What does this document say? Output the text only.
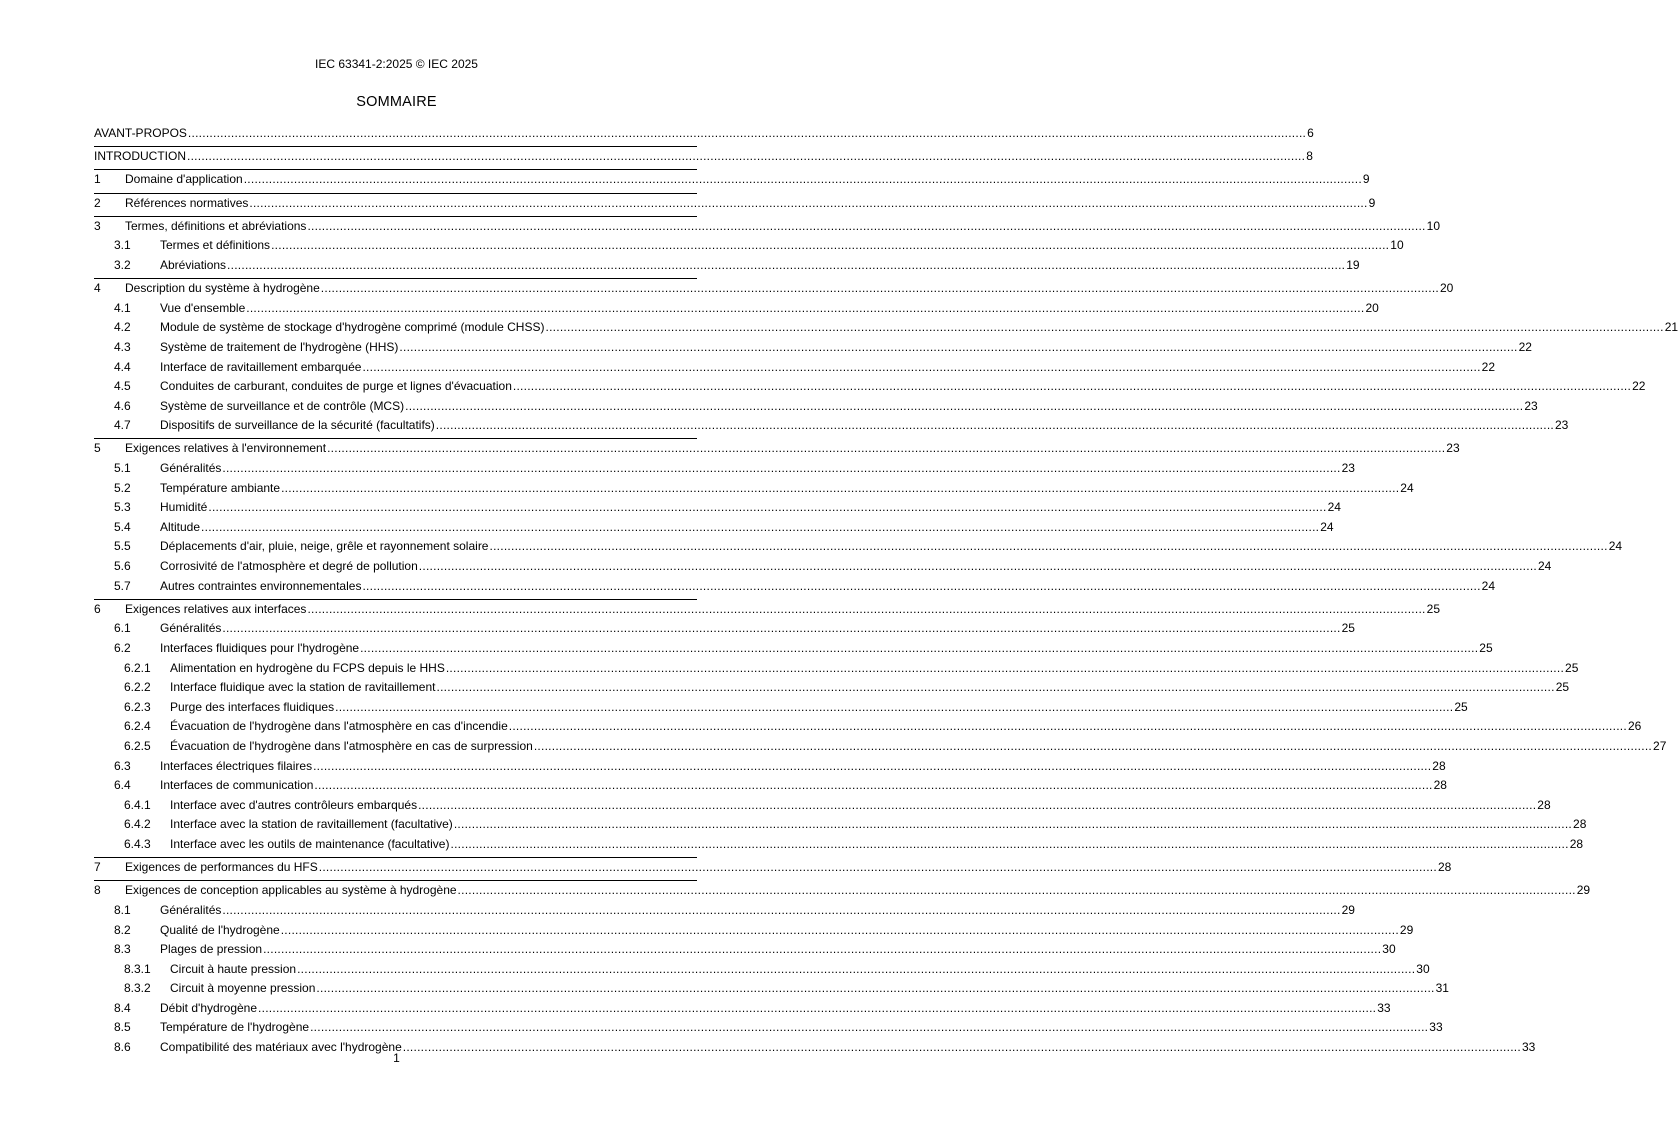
IEC 63341-2:2025 © IEC 2025
SOMMAIRE
AVANT-PROPOS .....	6
INTRODUCTION .....	8
1	Domaine d'application .....	9
2	Références normatives .....	9
3	Termes, définitions et abréviations .....	10
3.1	Termes et définitions .....	10
3.2	Abréviations .....	19
4	Description du système à hydrogène .....	20
4.1	Vue d'ensemble .....	20
4.2	Module de système de stockage d'hydrogène comprimé (module CHSS) .....	21
4.3	Système de traitement de l'hydrogène (HHS) .....	22
4.4	Interface de ravitaillement embarquée .....	22
4.5	Conduites de carburant, conduites de purge et lignes d'évacuation .....	22
4.6	Système de surveillance et de contrôle (MCS) .....	23
4.7	Dispositifs de surveillance de la sécurité (facultatifs) .....	23
5	Exigences relatives à l'environnement .....	23
5.1	Généralités .....	23
5.2	Température ambiante .....	24
5.3	Humidité .....	24
5.4	Altitude .....	24
5.5	Déplacements d'air, pluie, neige, grêle et rayonnement solaire .....	24
5.6	Corrosivité de l'atmosphère et degré de pollution .....	24
5.7	Autres contraintes environnementales .....	24
6	Exigences relatives aux interfaces .....	25
6.1	Généralités .....	25
6.2	Interfaces fluidiques pour l'hydrogène .....	25
6.2.1	Alimentation en hydrogène du FCPS depuis le HHS .....	25
6.2.2	Interface fluidique avec la station de ravitaillement .....	25
6.2.3	Purge des interfaces fluidiques .....	25
6.2.4	Évacuation de l'hydrogène dans l'atmosphère en cas d'incendie .....	26
6.2.5	Évacuation de l'hydrogène dans l'atmosphère en cas de surpression .....	27
6.3	Interfaces électriques filaires .....	28
6.4	Interfaces de communication .....	28
6.4.1	Interface avec d'autres contrôleurs embarqués .....	28
6.4.2	Interface avec la station de ravitaillement (facultative) .....	28
6.4.3	Interface avec les outils de maintenance (facultative) .....	28
7	Exigences de performances du HFS .....	28
8	Exigences de conception applicables au système à hydrogène .....	29
8.1	Généralités .....	29
8.2	Qualité de l'hydrogène .....	29
8.3	Plages de pression .....	30
8.3.1	Circuit à haute pression .....	30
8.3.2	Circuit à moyenne pression .....	31
8.4	Débit d'hydrogène .....	33
8.5	Température de l'hydrogène .....	33
8.6	Compatibilité des matériaux avec l'hydrogène .....	33
1
